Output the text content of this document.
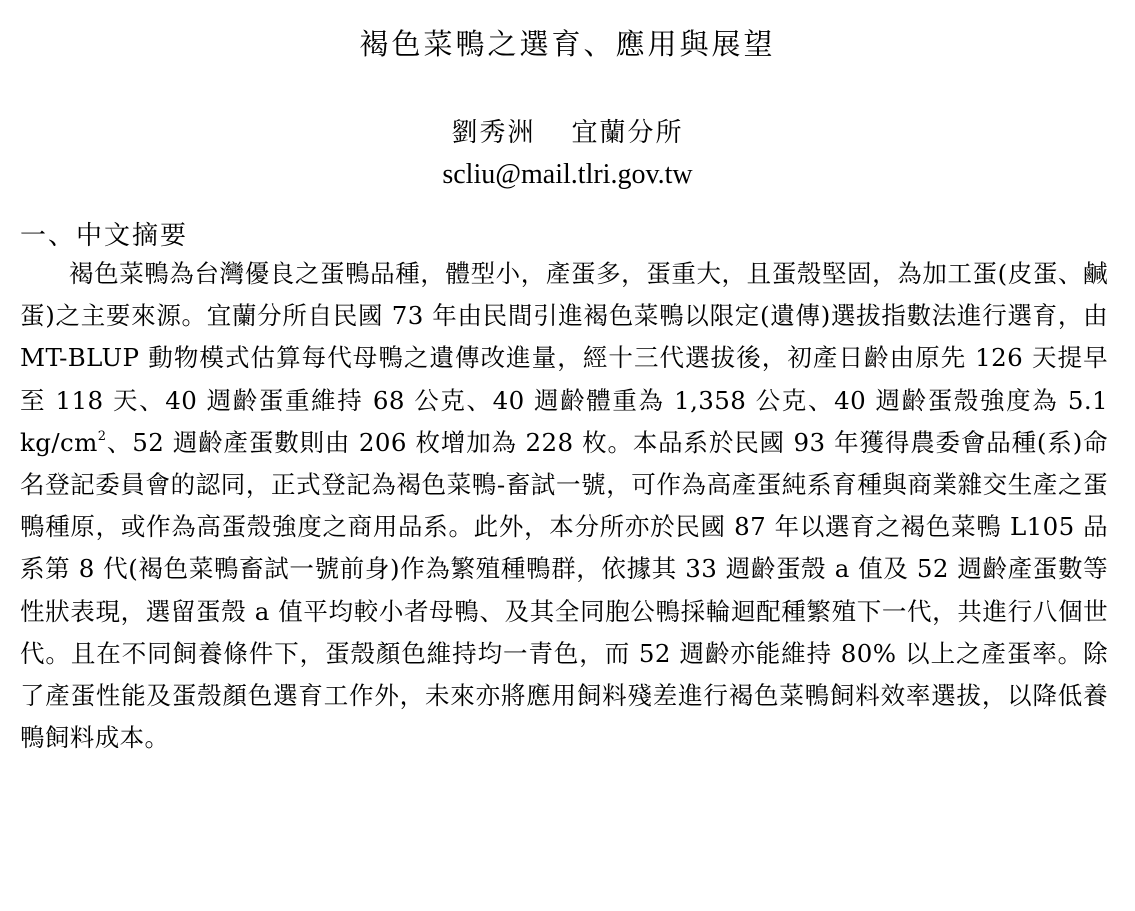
褐色菜鴨之選育、應用與展望
劉秀洲 宜蘭分所
scliu@mail.tlri.gov.tw
一、中文摘要

褐色菜鴨為台灣優良之蛋鴨品種，體型小，產蛋多，蛋重大，且蛋殼堅固，為加工蛋(皮蛋、鹹蛋)之主要來源。宜蘭分所自民國 73 年由民間引進褐色菜鴨以限定(遺傳)選拔指數法進行選育，由 MT-BLUP 動物模式估算每代母鴨之遺傳改進量，經十三代選拔後，初產日齡由原先 126 天提早至 118 天、40 週齡蛋重維持 68 公克、40 週齡體重為 1,358 公克、40 週齡蛋殼強度為 5.1 $kg/cm^2$、52 週齡產蛋數則由 206 枚增加為 228 枚。本品系於民國 93 年獲得農委會品種(系)命名登記委員會的認同，正式登記為褐色菜鴨-畜試一號，可作為高產蛋純系育種與商業雜交生產之蛋鴨種原，或作為高蛋殼強度之商用品系。此外，本分所亦於民國 87 年以選育之褐色菜鴨 L105 品系第 8 代(褐色菜鴨畜試一號前身)作為繁殖種鴨群，依據其 33 週齡蛋殼 a 值及 52 週齡產蛋數等性狀表現，選留蛋殼 a 值平均較小者母鴨、及其全同胞公鴨採輪迴配種繁殖下一代，共進行八個世代。且在不同飼養條件下，蛋殼顏色維持均一青色，而 52 週齡亦能維持 80% 以上之產蛋率。除了產蛋性能及蛋殼顏色選育工作外，未來亦將應用飼料殘差進行褐色菜鴨飼料效率選拔，以降低養鴨飼料成本。
